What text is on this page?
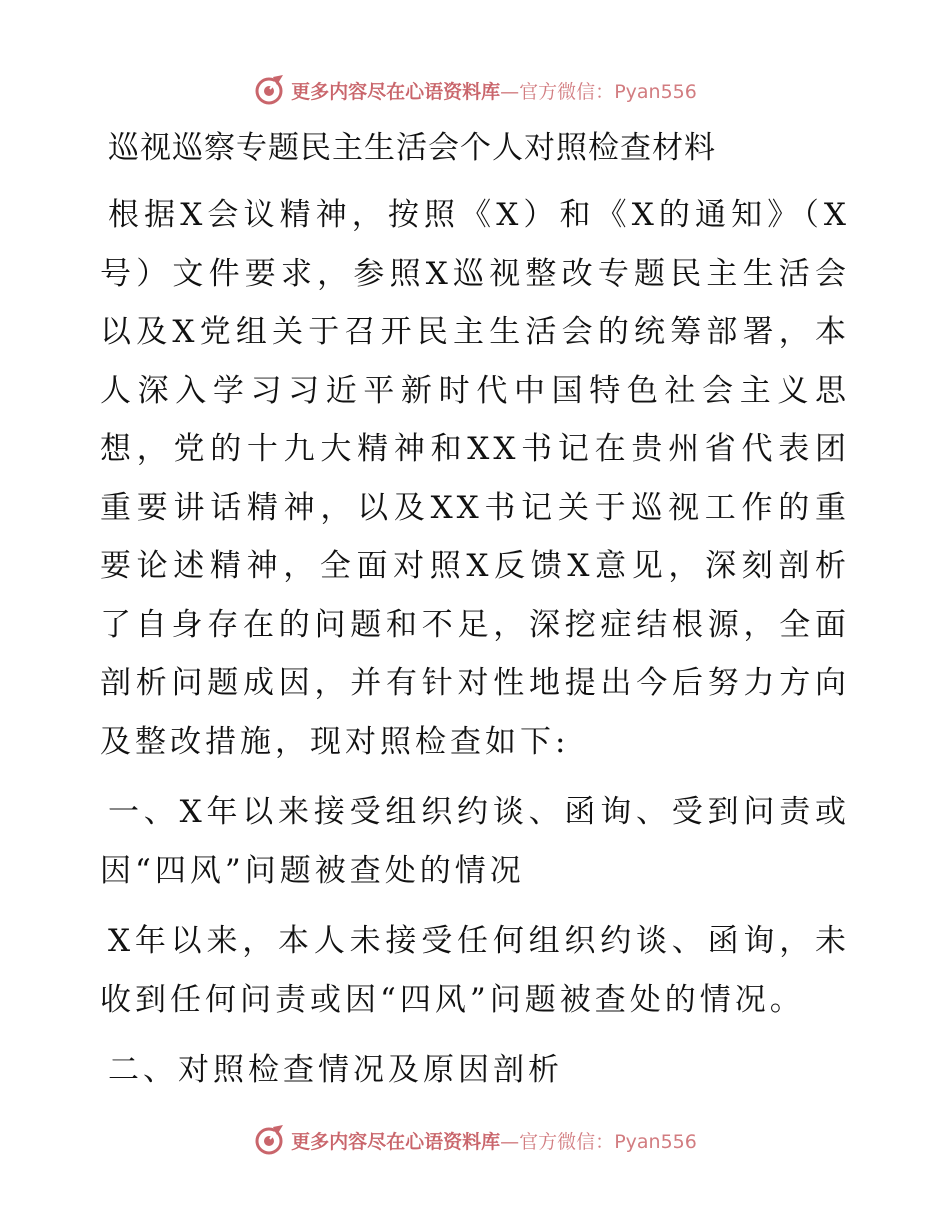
更多内容尽在心语资料库—官方微信：Pyan556
巡视巡察专题民主生活会个人对照检查材料

根据X会议精神，按照《X）和《X的通知》（X号）文件要求，参照X巡视整改专题民主生活会以及X党组关于召开民主生活会的统筹部署，本人深入学习习近平新时代中国特色社会主义思想，党的十九大精神和XX书记在贵州省代表团重要讲话精神，以及XX书记关于巡视工作的重要论述精神，全面对照X反馈X意见，深刻剖析了自身存在的问题和不足，深挖症结根源，全面剖析问题成因，并有针对性地提出今后努力方向及整改措施，现对照检查如下:

一、X年以来接受组织约谈、函询、受到问责或因“四风”问题被查处的情况

X年以来，本人未接受任何组织约谈、函询，未收到任何问责或因“四风”问题被查处的情况。

二、对照检查情况及原因剖析

更多内容尽在心语资料库—官方微信：Pyan556
